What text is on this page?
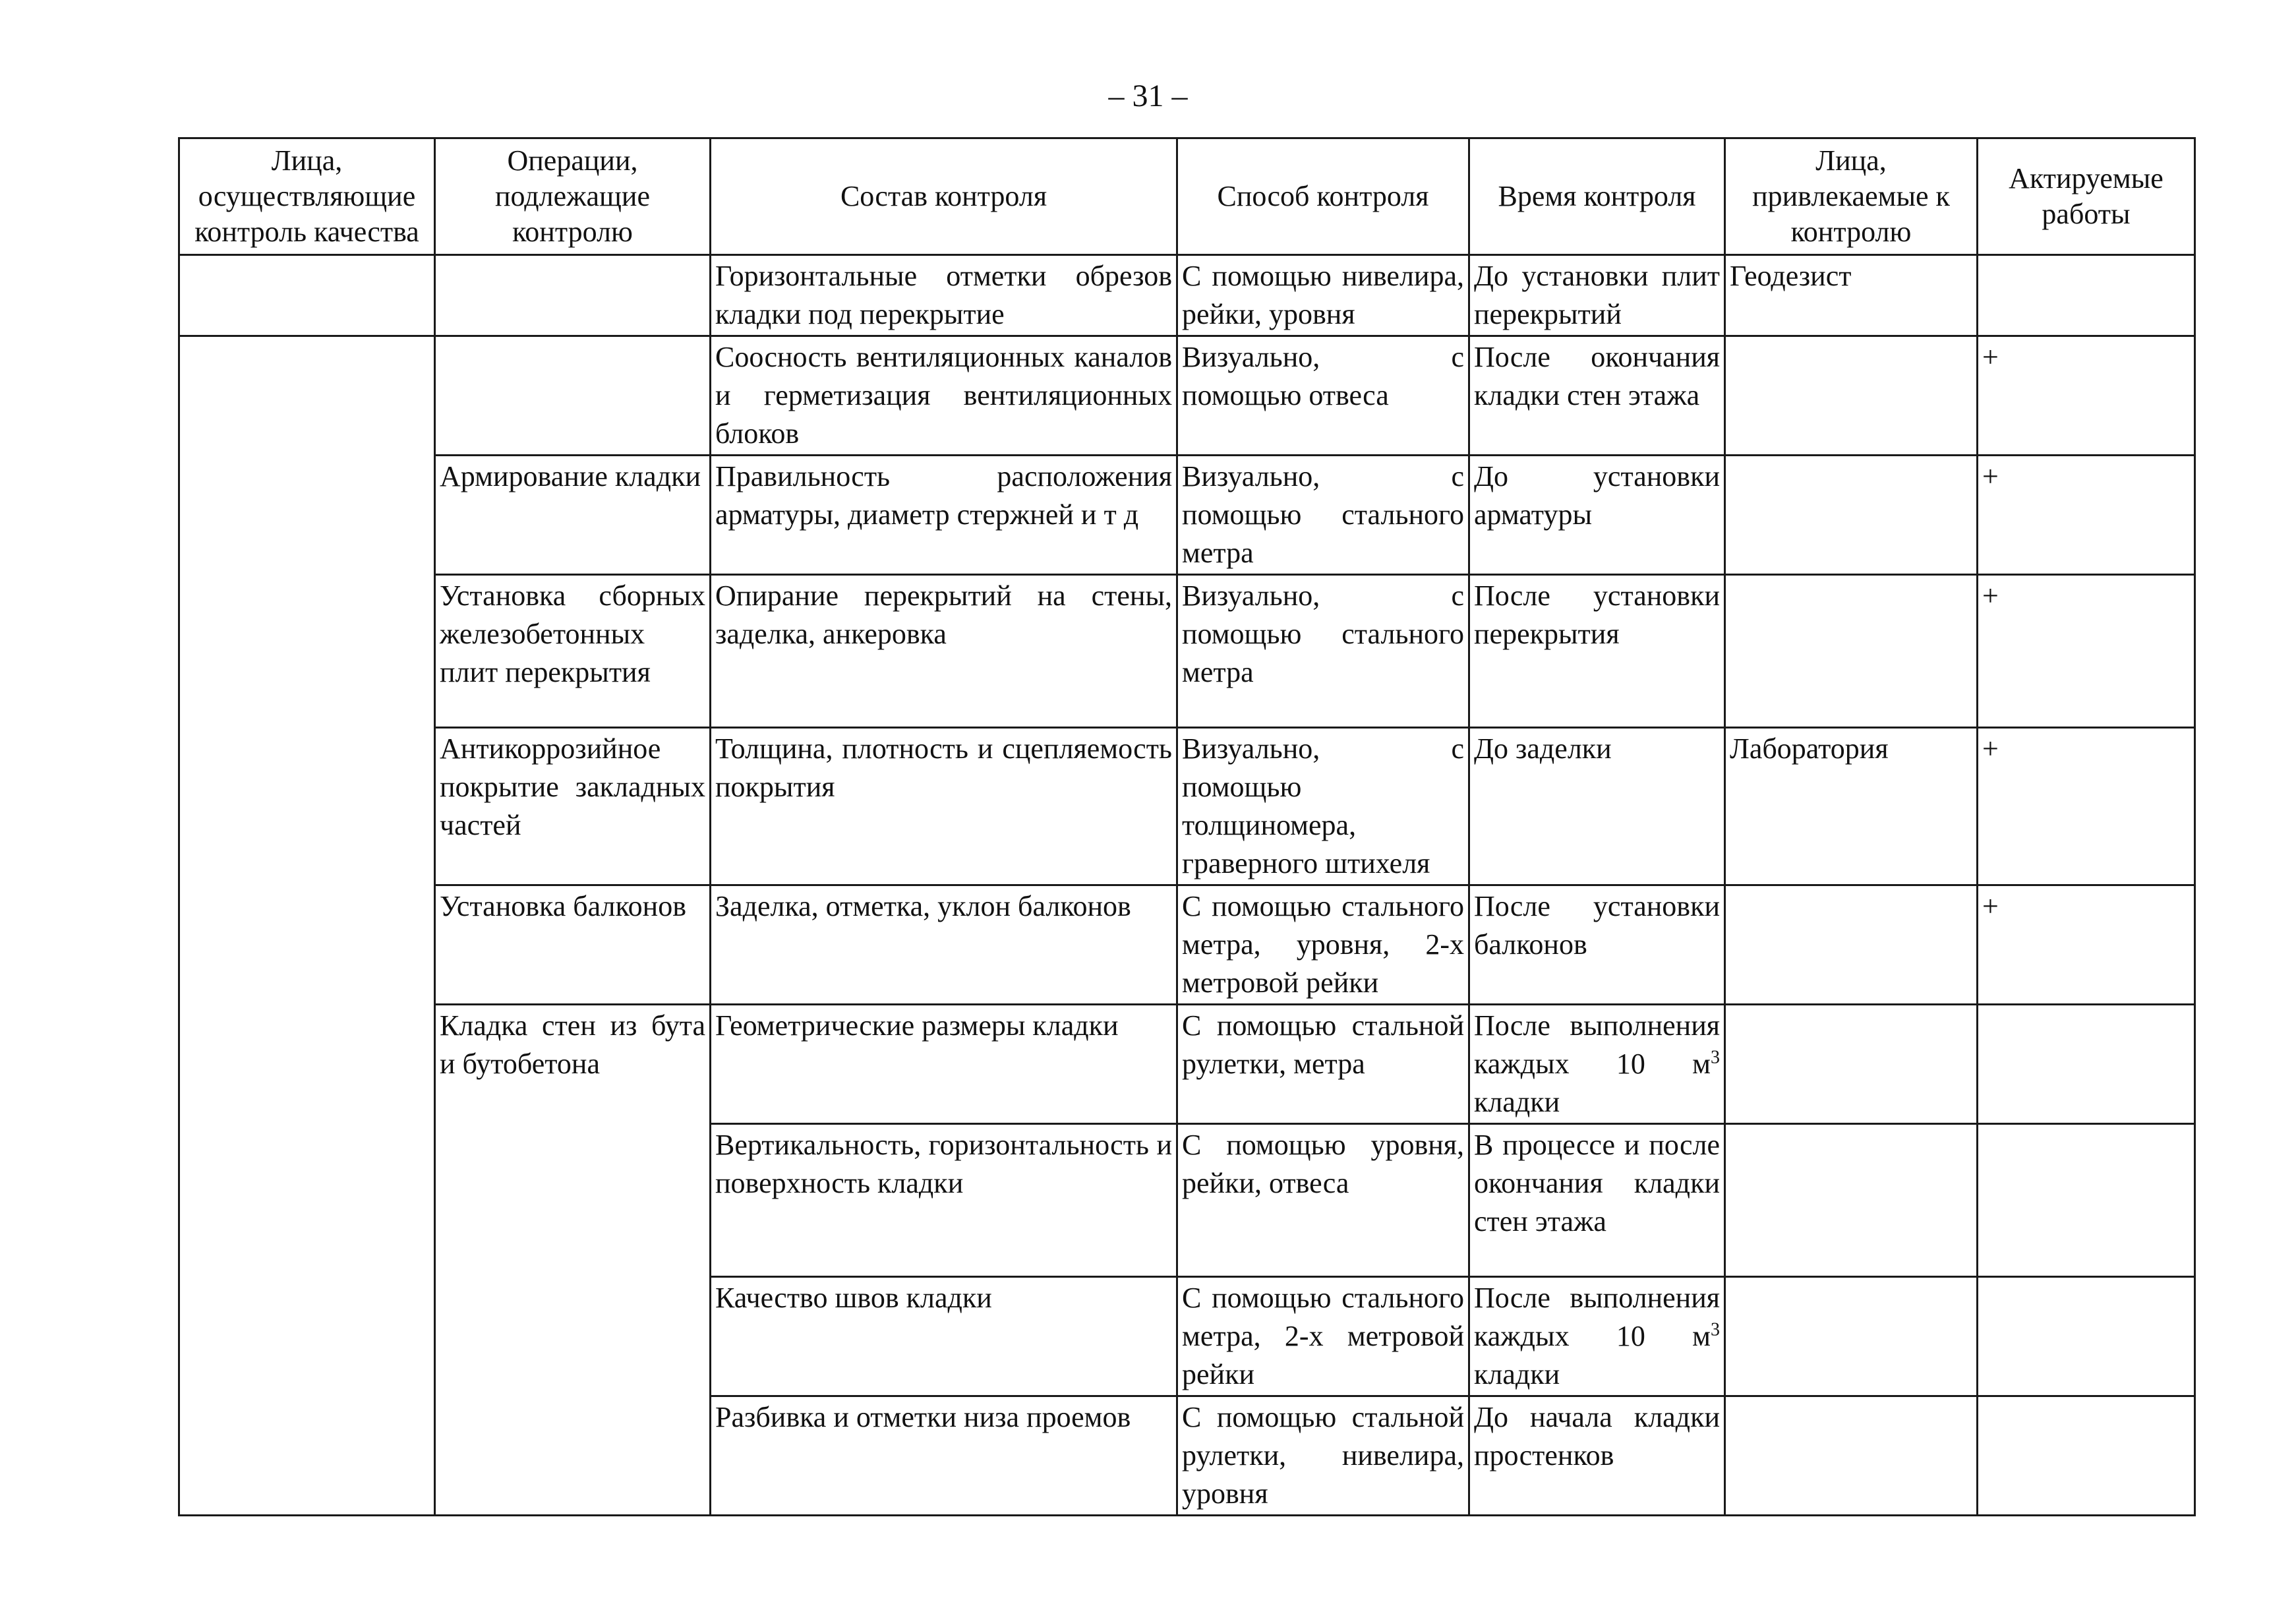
– 31 –
Лица, осуществляющие контроль качества	Операции, подлежащие контролю	Состав контроля	Способ контроля	Время контроля	Лица, привлекаемые к контролю	Актируемые работы
		Горизонтальные отметки обрезов кладки под перекрытие	С помощью нивелира, рейки, уровня	До установки плит перекрытий	Геодезист	
		Соосность вентиляционных каналов и герметизация вентиляционных блоков	Визуально, с помощью отвеса	После окончания кладки стен этажа		+
	Армирование кладки	Правильность расположения арматуры, диаметр стержней и т д	Визуально, с помощью стального метра	До установки арматуры		+
	Установка сборных железобетонных плит перекрытия	Опирание перекрытий на стены, заделка, анкеровка	Визуально, с помощью стального метра	После установки перекрытия		+
	Антикоррозийное покрытие закладных частей	Толщина, плотность и сцепляемость покрытия	Визуально, с помощью толщиномера, граверного штихеля	До заделки	Лаборатория	+
	Установка балконов	Заделка, отметка, уклон балконов	С помощью стального метра, уровня, 2-х метровой рейки	После установки балконов		+
	Кладка стен из бута и бутобетона	Геометрические размеры кладки	С помощью стальной рулетки, метра	После выполнения каждых 10 $м^3$ кладки		
		Вертикальность, горизонтальность и поверхность кладки	С помощью уровня, рейки, отвеса	В процессе и после окончания кладки стен этажа		
		Качество швов кладки	С помощью стального метра, 2-х метровой рейки	После выполнения каждых 10 $м^3$ кладки		
		Разбивка и отметки низа проемов	С помощью стальной рулетки, нивелира, уровня	До начала кладки простенков		
